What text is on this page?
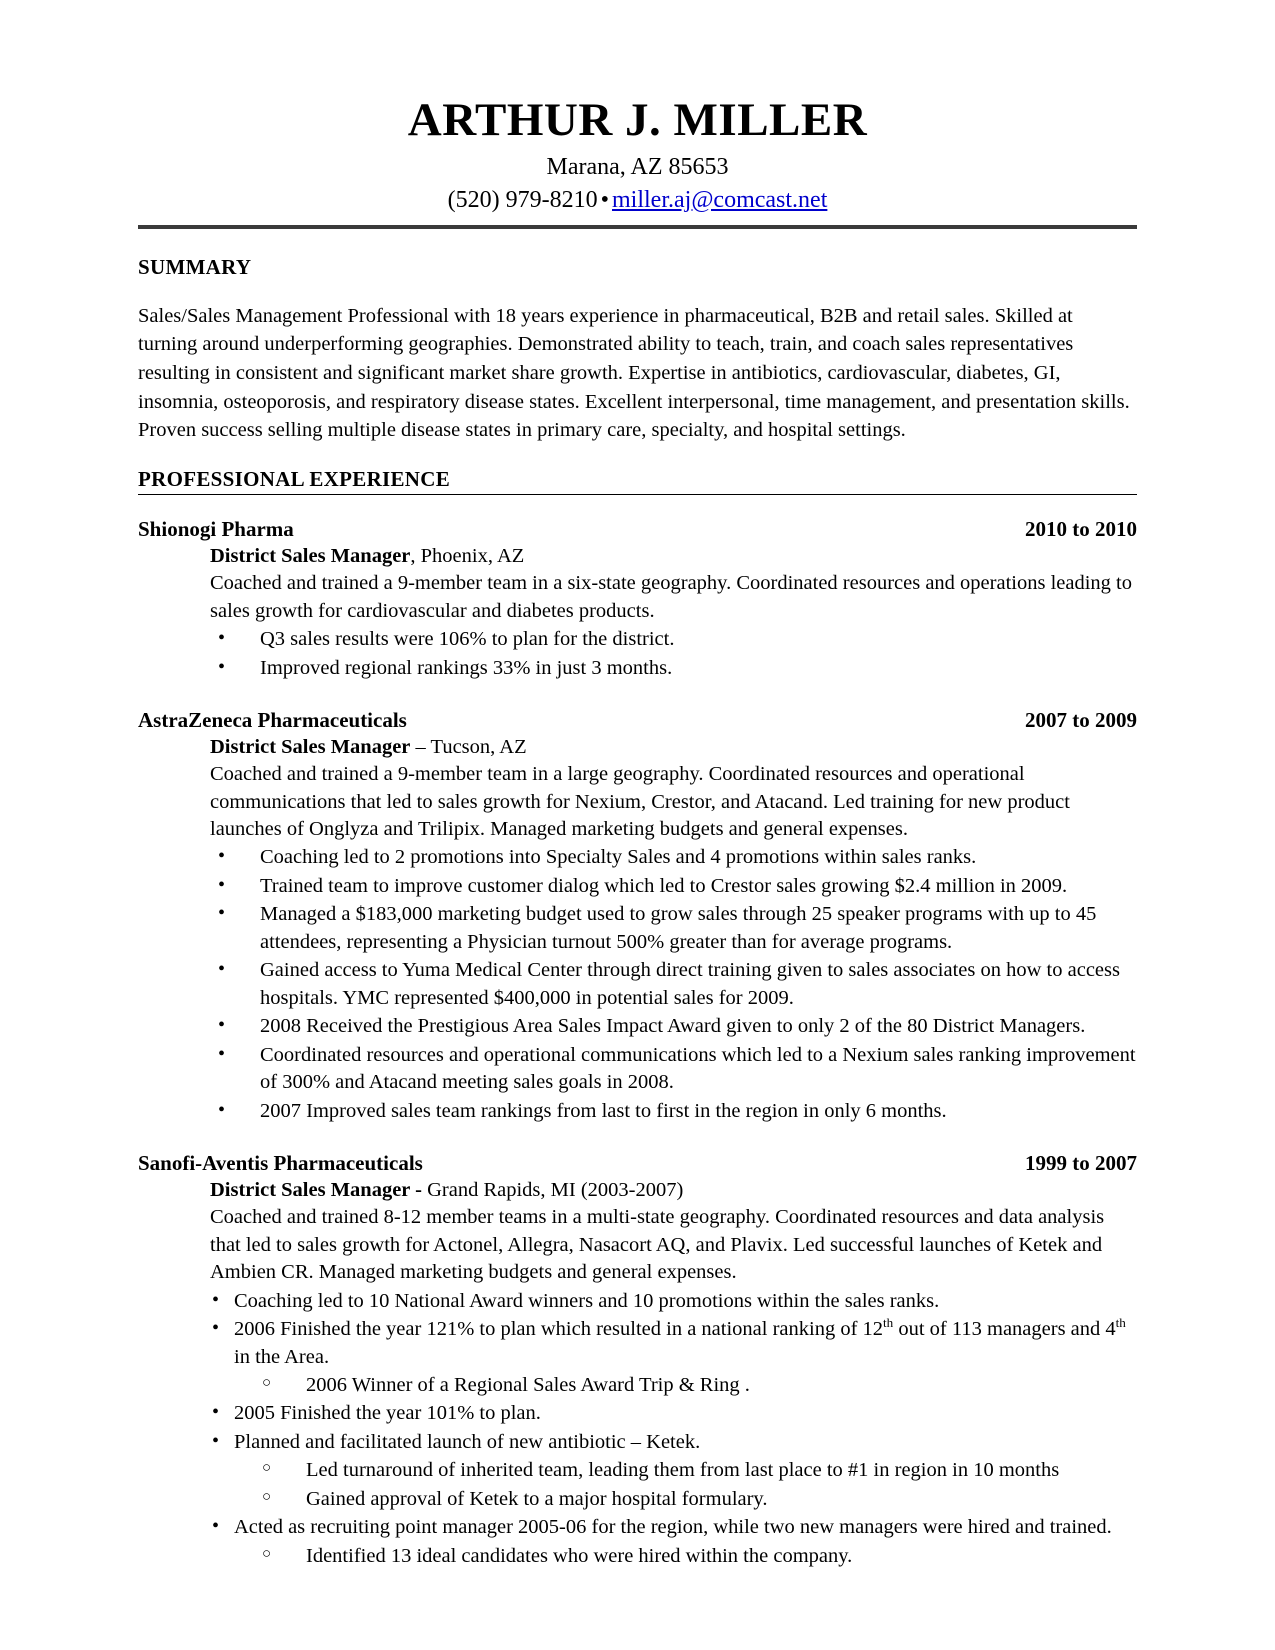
ARTHUR J. MILLER

Marana, AZ 85653

(520) 979-8210 • miller.aj@comcast.net

SUMMARY

Sales/Sales Management Professional with 18 years experience in pharmaceutical, B2B and retail sales. Skilled at turning around underperforming geographies. Demonstrated ability to teach, train, and coach sales representatives resulting in consistent and significant market share growth. Expertise in antibiotics, cardiovascular, diabetes, GI, insomnia, osteoporosis, and respiratory disease states. Excellent interpersonal, time management, and presentation skills. Proven success selling multiple disease states in primary care, specialty, and hospital settings.

PROFESSIONAL EXPERIENCE
Shionogi Pharma	2010 to 2010
District Sales Manager, Phoenix, AZ

Coached and trained a 9-member team in a six-state geography. Coordinated resources and operations leading to sales growth for cardiovascular and diabetes products.

• Q3 sales results were 106% to plan for the district.
• Improved regional rankings 33% in just 3 months.
AstraZeneca Pharmaceuticals	2007 to 2009
District Sales Manager – Tucson, AZ

Coached and trained a 9-member team in a large geography. Coordinated resources and operational communications that led to sales growth for Nexium, Crestor, and Atacand. Led training for new product launches of Onglyza and Trilipix. Managed marketing budgets and general expenses.

• Coaching led to 2 promotions into Specialty Sales and 4 promotions within sales ranks.
• Trained team to improve customer dialog which led to Crestor sales growing $2.4 million in 2009.
• Managed a $183,000 marketing budget used to grow sales through 25 speaker programs with up to 45 attendees, representing a Physician turnout 500% greater than for average programs.
• Gained access to Yuma Medical Center through direct training given to sales associates on how to access hospitals. YMC represented $400,000 in potential sales for 2009.
• 2008 Received the Prestigious Area Sales Impact Award given to only 2 of the 80 District Managers.
• Coordinated resources and operational communications which led to a Nexium sales ranking improvement of 300% and Atacand meeting sales goals in 2008.
• 2007 Improved sales team rankings from last to first in the region in only 6 months.
Sanofi-Aventis Pharmaceuticals	1999 to 2007
District Sales Manager - Grand Rapids, MI (2003-2007)

Coached and trained 8-12 member teams in a multi-state geography. Coordinated resources and data analysis that led to sales growth for Actonel, Allegra, Nasacort AQ, and Plavix. Led successful launches of Ketek and Ambien CR. Managed marketing budgets and general expenses.

• Coaching led to 10 National Award winners and 10 promotions within the sales ranks.
• 2006 Finished the year 121% to plan which resulted in a national ranking of 12th out of 113 managers and 4th in the Area.
○ 2006 Winner of a Regional Sales Award Trip & Ring .
• 2005 Finished the year 101% to plan.
• Planned and facilitated launch of new antibiotic – Ketek.
○ Led turnaround of inherited team, leading them from last place to #1 in region in 10 months
○ Gained approval of Ketek to a major hospital formulary.
• Acted as recruiting point manager 2005-06 for the region, while two new managers were hired and trained.
○ Identified 13 ideal candidates who were hired within the company.
